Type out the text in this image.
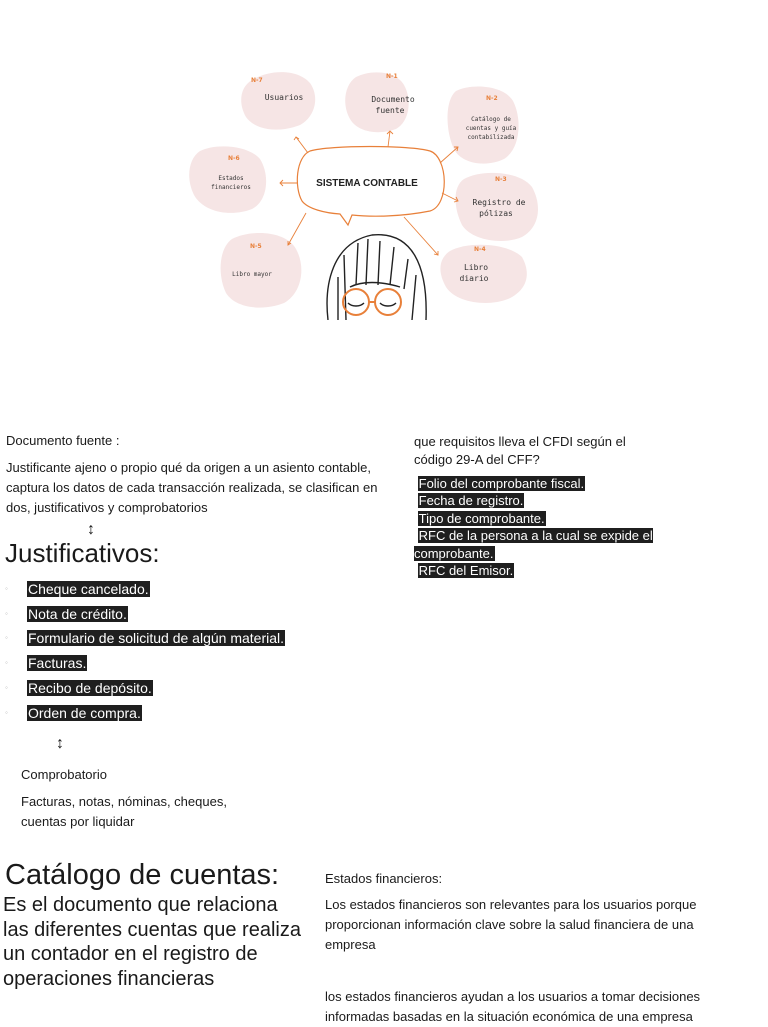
N-7
N-1
N-2
N-6
N-3
N-5	N-4
Usuarios	Documento
fuente
Catálogo de
cuentas y guía
contabilizada
Estados
financieros
Registro de
pólizas
Libro mayor
Libro
diario
SISTEMA CONTABLE
Documento fuente :
Justificante ajeno o propio qué da origen a un asiento contable, captura los datos de cada transacción realizada, se clasifican en dos, justificativos y comprobatorios
↕
Justificativos:
◦ Cheque cancelado.
◦ Nota de crédito.
◦ Formulario de solicitud de algún material.
◦ Facturas.
◦ Recibo de depósito.
◦ Orden de compra.
↕
Comprobatorio
Facturas, notas, nóminas, cheques, cuentas por liquidar
que requisitos lleva el CFDI según el código 29-A del CFF?
Folio del comprobante fiscal.
Fecha de registro.
Tipo de comprobante.
RFC de la persona a la cual se expide el comprobante.
RFC del Emisor.
Catálogo de cuentas:
Es el documento que relaciona las diferentes cuentas que realiza un contador en el registro de operaciones financieras
Estados financieros:
Los estados financieros son relevantes para los usuarios porque proporcionan información clave sobre la salud financiera de una empresa
los estados financieros ayudan a los usuarios a tomar decisiones informadas basadas en la situación económica de una empresa
